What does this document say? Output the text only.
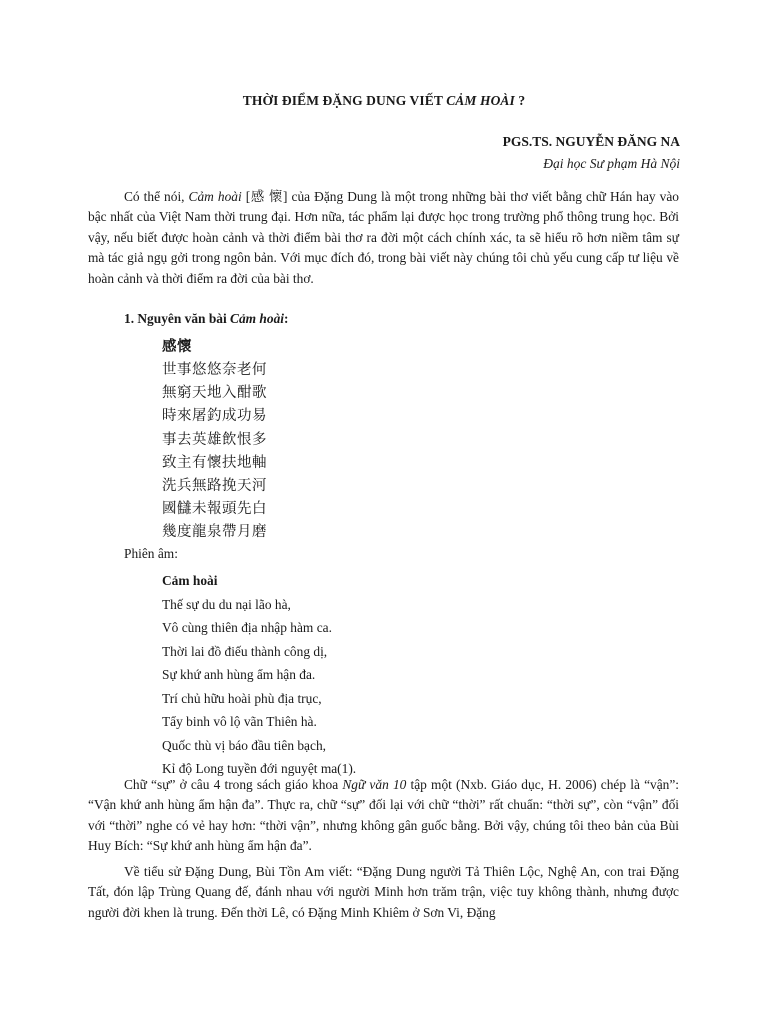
THỜI ĐIỂM ĐẶNG DUNG VIẾT CẢM HOÀI ?
PGS.TS. NGUYỄN ĐĂNG NA
Đại học Sư phạm Hà Nội
Có thể nói, Cảm hoài [感 懷] của Đặng Dung là một trong những bài thơ viết bằng chữ Hán hay vào bậc nhất của Việt Nam thời trung đại. Hơn nữa, tác phẩm lại được học trong trường phổ thông trung học. Bởi vậy, nếu biết được hoàn cảnh và thời điểm bài thơ ra đời một cách chính xác, ta sẽ hiểu rõ hơn niềm tâm sự mà tác giả ngụ gởi trong ngôn bản. Với mục đích đó, trong bài viết này chúng tôi chủ yếu cung cấp tư liệu về hoàn cảnh và thời điểm ra đời của bài thơ.
1. Nguyên văn bài Cảm hoài:
感懷
世事悠悠奈老何
無窮天地入酣歌
時來屠釣成功易
事去英雄飲恨多
致主有懷扶地軸
洗兵無路挽天河
國讎未報頭先白
幾度龍泉帶月磨
Phiên âm:
Cảm hoài
Thế sự du du nại lão hà,
Vô cùng thiên địa nhập hàm ca.
Thời lai đồ điếu thành công dị,
Sự khứ anh hùng ẩm hận đa.
Trí chủ hữu hoài phù địa trục,
Tẩy binh vô lộ vãn Thiên hà.
Quốc thù vị báo đầu tiên bạch,
Kỉ độ Long tuyền đới nguyệt ma(1).
Chữ “sự” ở câu 4 trong sách giáo khoa Ngữ văn 10 tập một (Nxb. Giáo dục, H. 2006) chép là “vận”: “Vận khứ anh hùng ẩm hận đa”. Thực ra, chữ “sự” đối lại với chữ “thời” rất chuẩn: “thời sự”, còn “vận” đối với “thời” nghe có vẻ hay hơn: “thời vận”, nhưng không gân guốc bằng. Bởi vậy, chúng tôi theo bản của Bùi Huy Bích: “Sự khứ anh hùng ẩm hận đa”.
Về tiểu sử Đặng Dung, Bùi Tồn Am viết: “Đặng Dung người Tả Thiên Lộc, Nghệ An, con trai Đặng Tất, đón lập Trùng Quang đế, đánh nhau với người Minh hơn trăm trận, việc tuy không thành, nhưng được người đời khen là trung. Đến thời Lê, có Đặng Minh Khiêm ở Sơn Vi, Đặng
